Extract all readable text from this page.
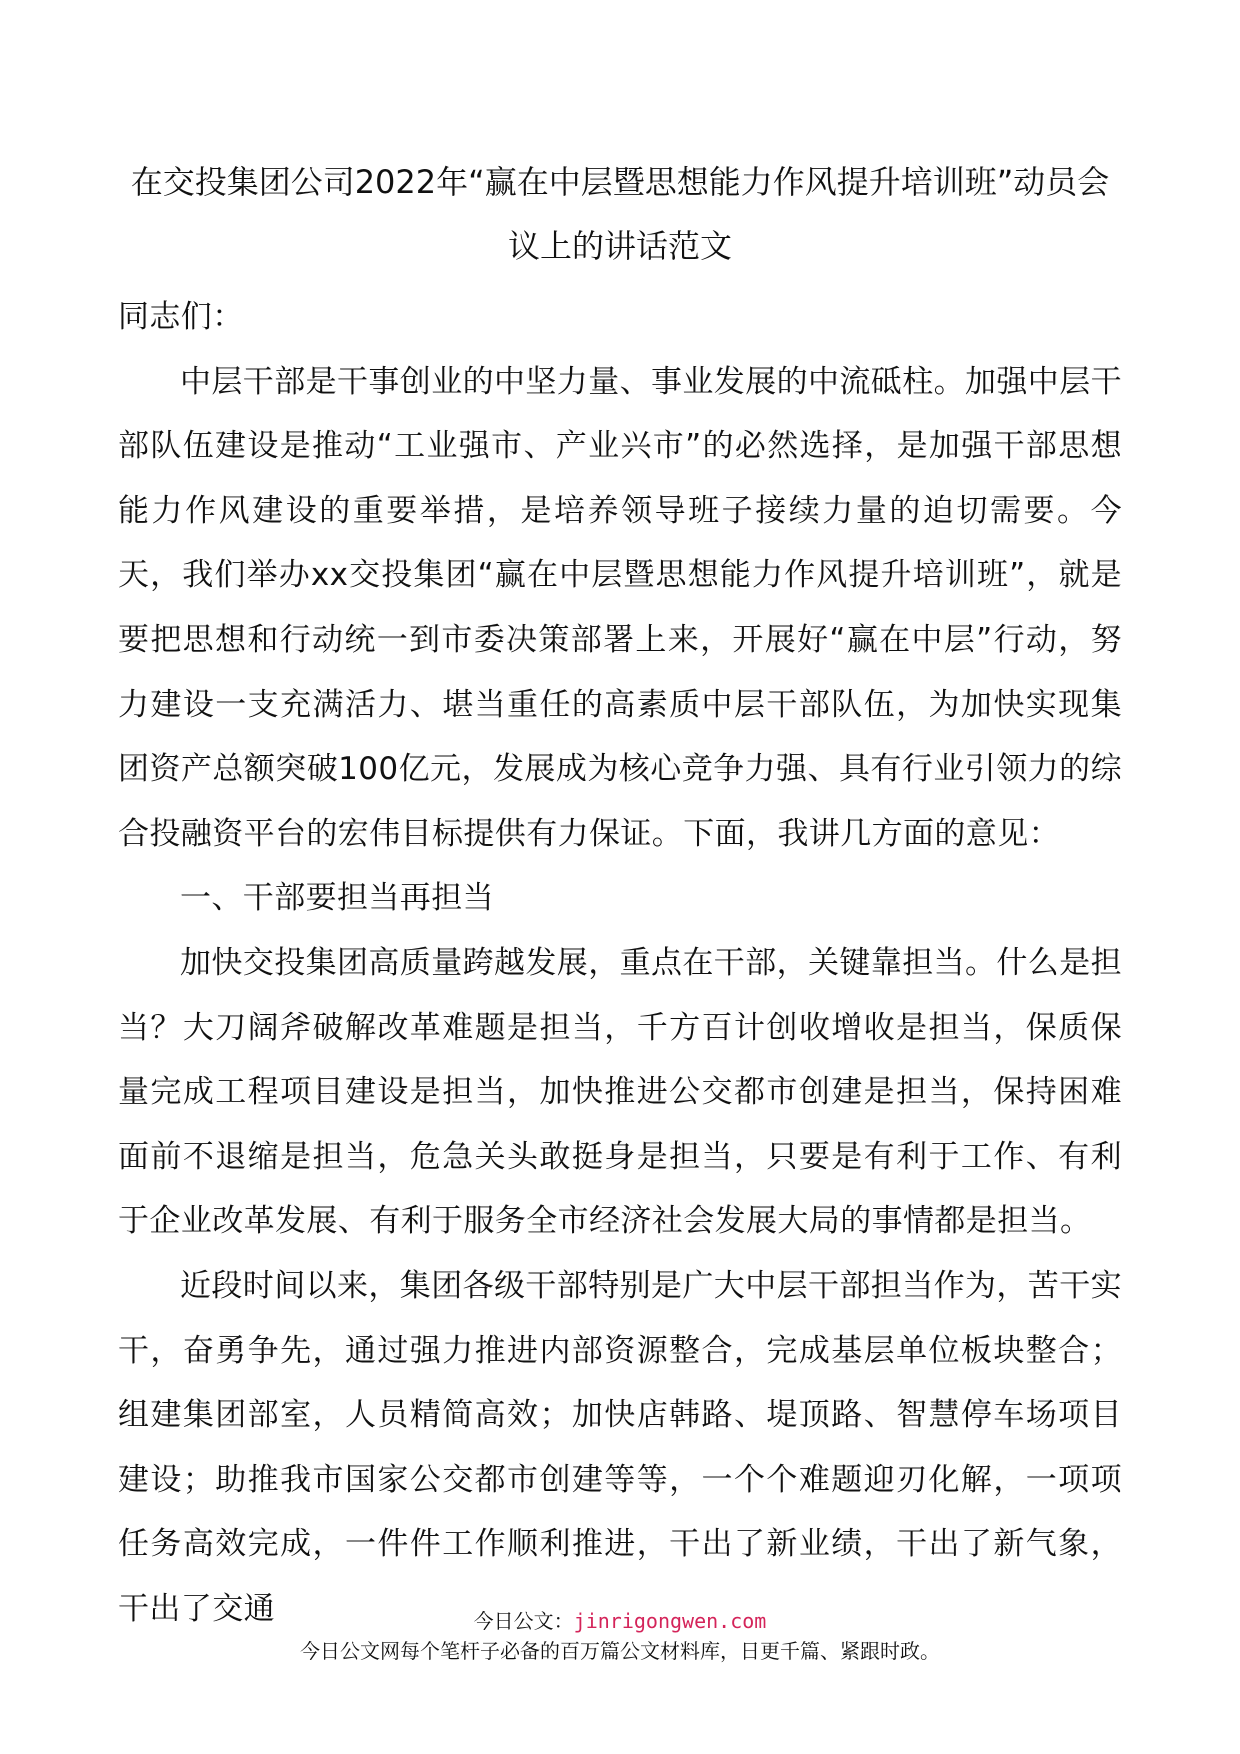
在交投集团公司2022年“赢在中层暨思想能力作风提升培训班”动员会议上的讲话范文

同志们：

中层干部是干事创业的中坚力量、事业发展的中流砥柱。加强中层干部队伍建设是推动“工业强市、产业兴市”的必然选择，是加强干部思想能力作风建设的重要举措，是培养领导班子接续力量的迫切需要。今天，我们举办xx交投集团“赢在中层暨思想能力作风提升培训班”，就是要把思想和行动统一到市委决策部署上来，开展好“赢在中层”行动，努力建设一支充满活力、堪当重任的高素质中层干部队伍，为加快实现集团资产总额突破100亿元，发展成为核心竞争力强、具有行业引领力的综合投融资平台的宏伟目标提供有力保证。下面，我讲几方面的意见：

一、干部要担当再担当

加快交投集团高质量跨越发展，重点在干部，关键靠担当。什么是担当？大刀阔斧破解改革难题是担当，千方百计创收增收是担当，保质保量完成工程项目建设是担当，加快推进公交都市创建是担当，保持困难面前不退缩是担当，危急关头敢挺身是担当，只要是有利于工作、有利于企业改革发展、有利于服务全市经济社会发展大局的事情都是担当。

近段时间以来，集团各级干部特别是广大中层干部担当作为，苦干实干，奋勇争先，通过强力推进内部资源整合，完成基层单位板块整合；组建集团部室，人员精简高效；加快店韩路、堤顶路、智慧停车场项目建设；助推我市国家公交都市创建等等，一个个难题迎刃化解，一项项任务高效完成，一件件工作顺利推进，干出了新业绩，干出了新气象，干出了交通	今日公文：jinrigongwen.com
今日公文网每个笔杆子必备的百万篇公文材料库，日更千篇、紧跟时政。
